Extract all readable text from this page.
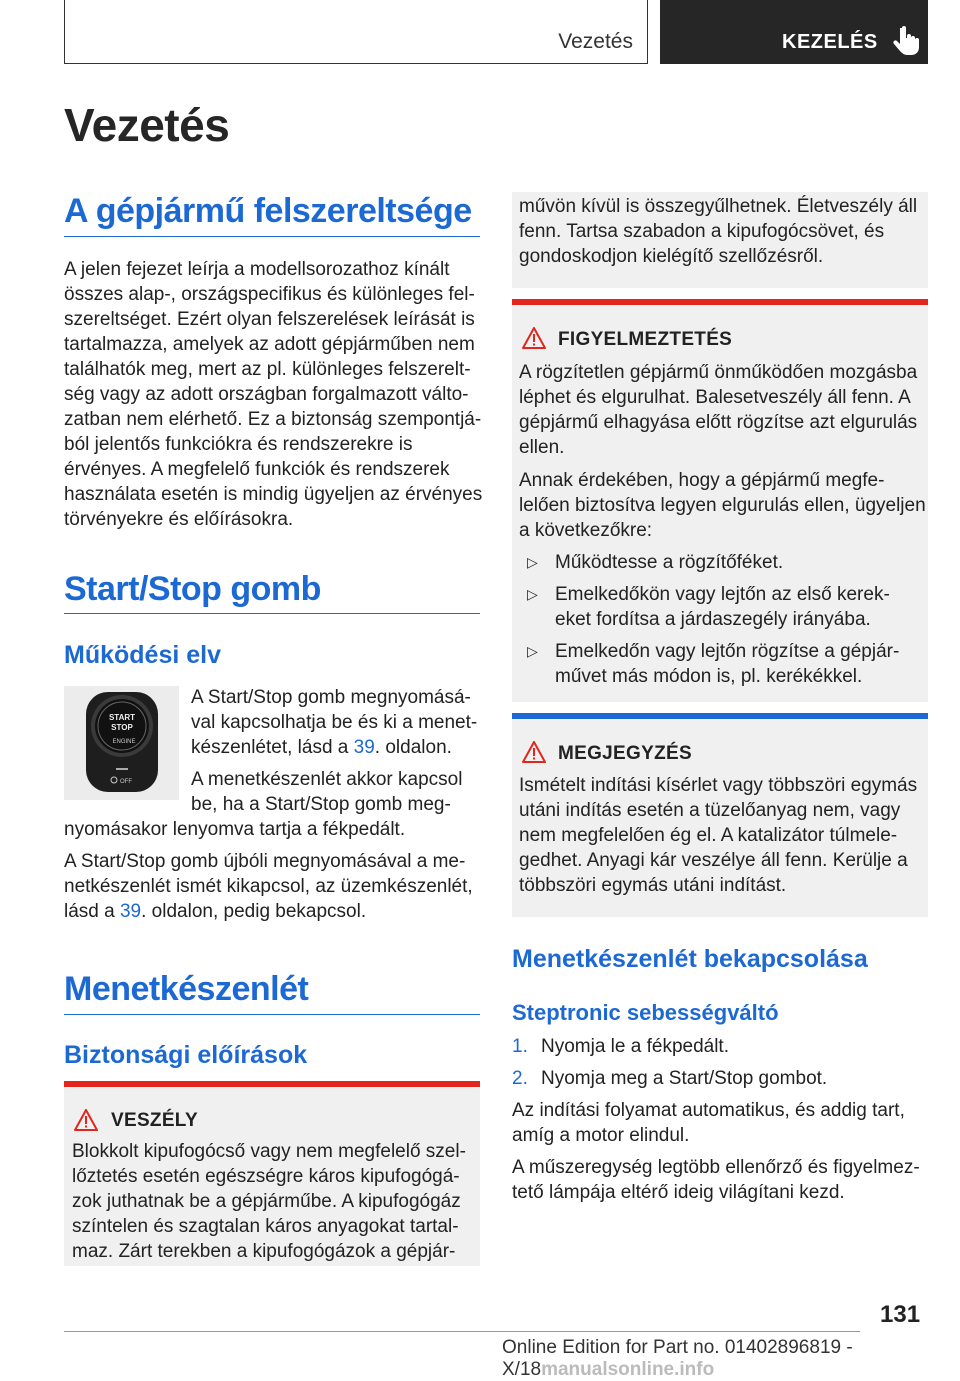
Vezetés	KEZELÉS
Vezetés
A gépjármű felszereltsége
A jelen fejezet leírja a modellsorozathoz kínált
összes alap-, országspecifikus és különleges fel-
szereltséget. Ezért olyan felszerelések leírását is
tartalmazza, amelyek az adott gépjárműben nem
találhatók meg, mert az pl. különleges felszerelt-
ség vagy az adott országban forgalmazott válto-
zatban nem elérhető. Ez a biztonság szempontjá-
ból jelentős funkciókra és rendszerekre is
érvényes. A megfelelő funkciók és rendszerek
használata esetén is mindig ügyeljen az érvényes
törvényekre és előírásokra.
Start/Stop gomb
Működési elv
START
STOP
ENGINE
OFF
A Start/Stop gomb megnyomásá-
val kapcsolhatja be és ki a menet-
készenlétet, lásd a 39. oldalon.
A menetkészenlét akkor kapcsol
be, ha a Start/Stop gomb meg-
nyomásakor lenyomva tartja a fékpedált.
A Start/Stop gomb újbóli megnyomásával a me-
netkészenlét ismét kikapcsol, az üzemkészenlét,
lásd a 39. oldalon, pedig bekapcsol.
Menetkészenlét
Biztonsági előírások
VESZÉLY
Blokkolt kipufogócső vagy nem megfelelő szel-
lőztetés esetén egészségre káros kipufogógá-
zok juthatnak be a gépjárműbe. A kipufogógáz
színtelen és szagtalan káros anyagokat tartal-
maz. Zárt terekben a kipufogógázok a gépjár-
művön kívül is összegyűlhetnek. Életveszély áll
fenn. Tartsa szabadon a kipufogócsövet, és
gondoskodjon kielégítő szellőzésről.
FIGYELMEZTETÉS
A rögzítetlen gépjármű önműködően mozgásba
léphet és elgurulhat. Balesetveszély áll fenn. A
gépjármű elhagyása előtt rögzítse azt elgurulás
ellen.
Annak érdekében, hogy a gépjármű megfe-
lelően biztosítva legyen elgurulás ellen, ügyeljen
a következőkre:
▷ Működtesse a rögzítőféket.
▷ Emelkedőkön vagy lejtőn az első kerek-
eket fordítsa a járdaszegély irányába.
▷ Emelkedőn vagy lejtőn rögzítse a gépjár-
művet más módon is, pl. kerékékkel.
MEGJEGYZÉS
Ismételt indítási kísérlet vagy többszöri egymás
utáni indítás esetén a tüzelőanyag nem, vagy
nem megfelelően ég el. A katalizátor túlmele-
gedhet. Anyagi kár veszélye áll fenn. Kerülje a
többszöri egymás utáni indítást.
Menetkészenlét bekapcsolása
Steptronic sebességváltó
1. Nyomja le a fékpedált.
2. Nyomja meg a Start/Stop gombot.
Az indítási folyamat automatikus, és addig tart,
amíg a motor elindul.
A műszeregység legtöbb ellenőrző és figyelmez-
tető lámpája eltérő ideig világítani kezd.
131
Online Edition for Part no. 01402896819 - X/18manualsonline.info
